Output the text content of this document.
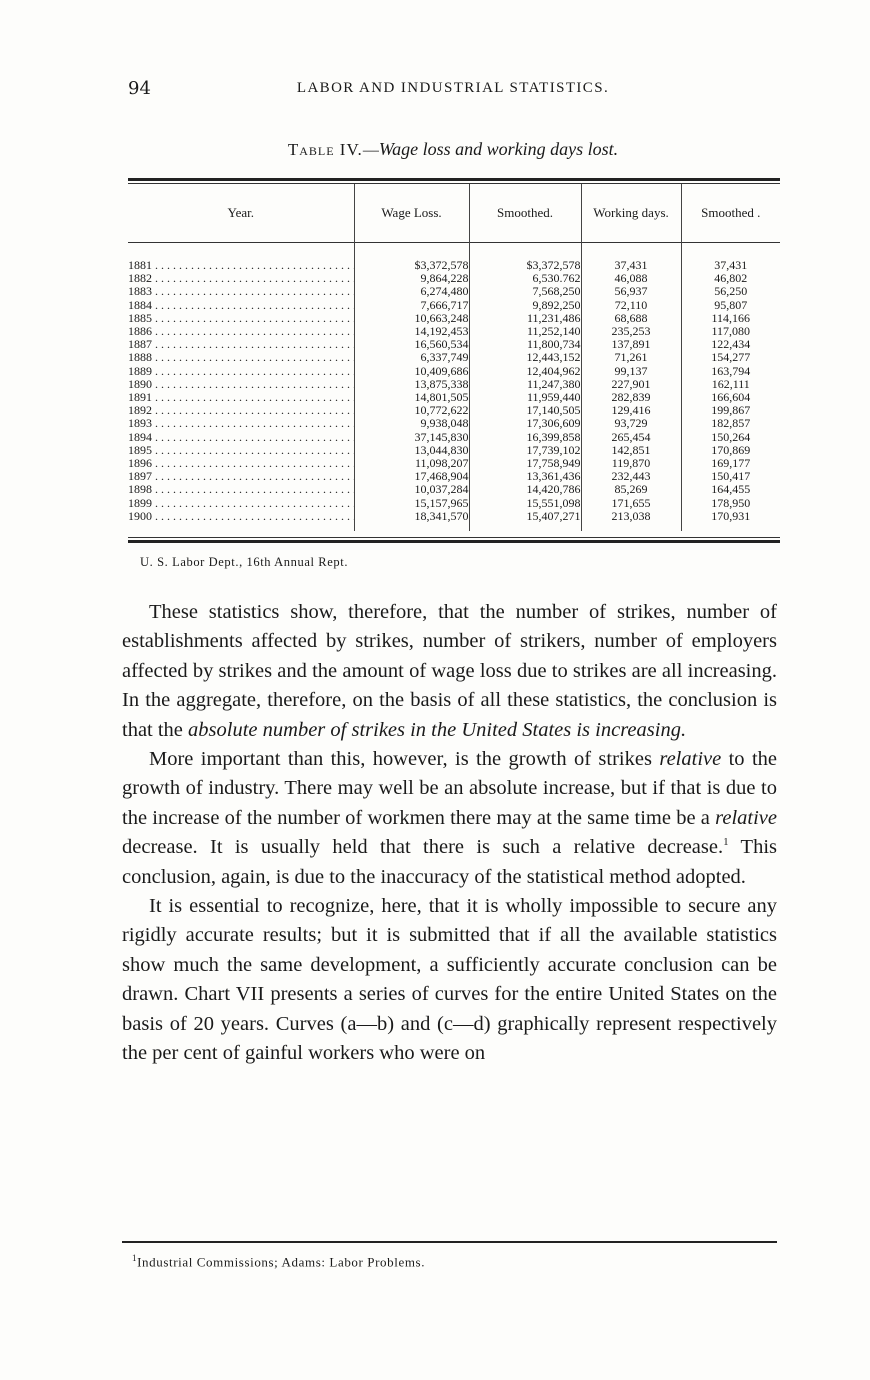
94	LABOR AND INDUSTRIAL STATISTICS.
Table IV.—Wage loss and working days lost.
Year.	Wage Loss.	Smoothed.	Working days.	Smoothed .

1881 . . .	$3,372,578	$3,372,578	37,431	37,431
1882 . . .	9,864,228	6,530.762	46,088	46,802
1883 . . .	6,274,480	7,568,250	56,937	56,250
1884 . . .	7,666,717	9,892,250	72,110	95,807
1885 . . .	10,663,248	11,231,486	68,688	114,166
1886 . . .	14,192,453	11,252,140	235,253	117,080
1887 . . .	16,560,534	11,800,734	137,891	122,434
1888 . . .	6,337,749	12,443,152	71,261	154,277
1889 . . .	10,409,686	12,404,962	99,137	163,794
1890 . . .	13,875,338	11,247,380	227,901	162,111
1891 . . .	14,801,505	11,959,440	282,839	166,604
1892 . . .	10,772,622	17,140,505	129,416	199,867
1893 . . .	9,938,048	17,306,609	93,729	182,857
1894 . . .	37,145,830	16,399,858	265,454	150,264
1895 . . .	13,044,830	17,739,102	142,851	170,869
1896 . . .	11,098,207	17,758,949	119,870	169,177
1897 . . .	17,468,904	13,361,436	232,443	150,417
1898 . . .	10,037,284	14,420,786	85,269	164,455
1899 . . .	15,157,965	15,551,098	171,655	178,950
1900 . . .	18,341,570	15,407,271	213,038	170,931

U. S. Labor Dept., 16th Annual Rept.

These statistics show, therefore, that the number of strikes, number of establishments affected by strikes, number of strikers, number of employers affected by strikes and the amount of wage loss due to strikes are all increasing. In the aggregate, therefore, on the basis of all these statistics, the conclusion is that the absolute number of strikes in the United States is increasing.

More important than this, however, is the growth of strikes relative to the growth of industry. There may well be an absolute increase, but if that is due to the increase of the number of workmen there may at the same time be a relative decrease. It is usually held that there is such a relative decrease.$^1$ This conclusion, again, is due to the inaccuracy of the statistical method adopted.

It is essential to recognize, here, that it is wholly impossible to secure any rigidly accurate results; but it is submitted that if all the available statistics show much the same development, a sufficiently accurate conclusion can be drawn. Chart VII presents a series of curves for the entire United States on the basis of 20 years. Curves (a—b) and (c—d) graphically represent respectively the per cent of gainful workers who were on

$^1$Industrial Commissions; Adams: Labor Problems.
